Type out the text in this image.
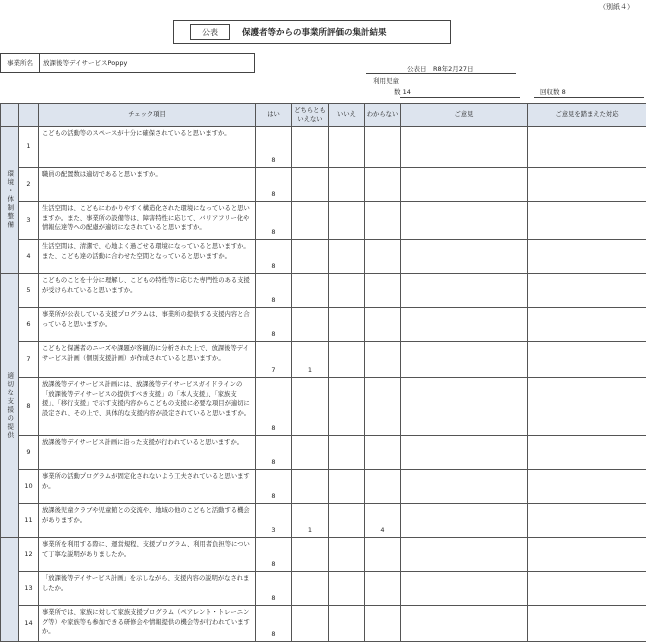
（別紙４）
公表	保護者等からの事業所評価の集計結果
事業所名	放課後等デイサービスPoppy
公表日　R8年2月27日
利用児童
数 14	回収数 8
		チェック項目	はい	どちらともいえない	いいえ	わからない	ご意見	ご意見を踏まえた対応
環境・体制整備	1	こどもの活動等のスペースが十分に確保されていると思いますか。	8					
	2	職員の配置数は適切であると思いますか。	8					
	3	生活空間は、こどもにわかりやすく構造化された環境になっていると思いますか。また、事業所の設備等は、障害特性に応じて、バリアフリー化や情報伝達等への配慮が適切になされていると思いますか。	8					
	4	生活空間は、清潔で、心地よく過ごせる環境になっていると思いますか。また、こども達の活動に合わせた空間となっていると思いますか。	8					
適切な支援の提供	5	こどものことを十分に理解し、こどもの特性等に応じた専門性のある支援が受けられていると思いますか。	8					
	6	事業所が公表している支援プログラムは、事業所の提供する支援内容と合っていると思いますか。	8					
	7	こどもと保護者のニーズや課題が客観的に分析された上で、放課後等デイサービス計画（個別支援計画）が作成されていると思いますか。	7	1				
	8	放課後等デイサービス計画には、放課後等デイサービスガイドラインの「放課後等デイサービスの提供すべき支援」の「本人支援」、「家族支援」、「移行支援」で示す支援内容からこどもの支援に必要な項目が適切に設定され、その上で、具体的な支援内容が設定されていると思いますか。	8					
	9	放課後等デイサービス計画に沿った支援が行われていると思いますか。	8					
	10	事業所の活動プログラムが固定化されないよう工夫されていると思いますか。	8					
	11	放課後児童クラブや児童館との交流や、地域の他のこどもと活動する機会がありますか。	3	1		4		
	12	事業所を利用する際に、運営規程、支援プログラム、利用者負担等について丁寧な説明がありましたか。	8					
	13	「放課後等デイサービス計画」を示しながら、支援内容の説明がなされましたか。	8					
	14	事業所では、家族に対して家族支援プログラム（ペアレント・トレーニング等）や家族等も参加できる研修会や情報提供の機会等が行われていますか。	8					
